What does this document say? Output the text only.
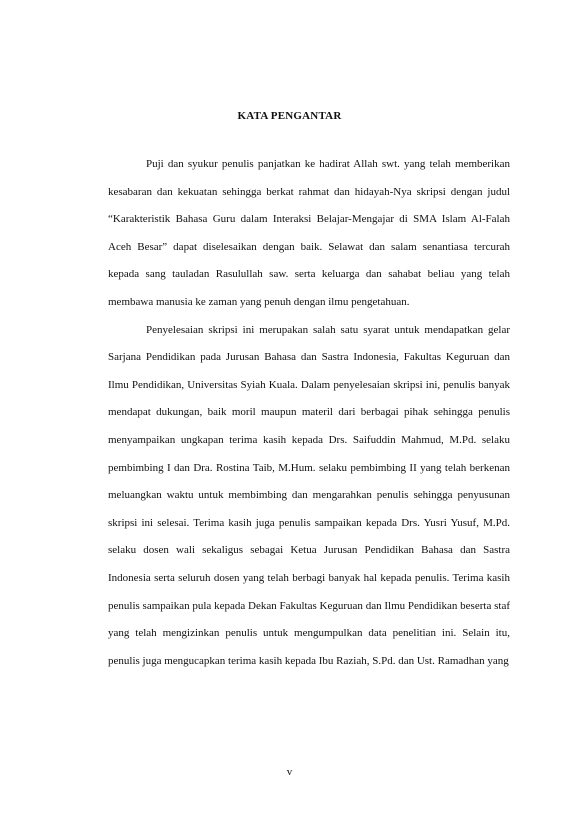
KATA PENGANTAR

Puji dan syukur penulis panjatkan ke hadirat Allah swt. yang telah memberikan kesabaran dan kekuatan sehingga berkat rahmat dan hidayah-Nya skripsi dengan judul “Karakteristik Bahasa Guru dalam Interaksi Belajar-Mengajar di SMA Islam Al-Falah Aceh Besar” dapat diselesaikan dengan baik. Selawat dan salam senantiasa tercurah kepada sang tauladan Rasulullah saw. serta keluarga dan sahabat beliau yang telah membawa manusia ke zaman yang penuh dengan ilmu pengetahuan.

Penyelesaian skripsi ini merupakan salah satu syarat untuk mendapatkan gelar Sarjana Pendidikan pada Jurusan Bahasa dan Sastra Indonesia, Fakultas Keguruan dan Ilmu Pendidikan, Universitas Syiah Kuala. Dalam penyelesaian skripsi ini, penulis banyak mendapat dukungan, baik moril maupun materil dari berbagai pihak sehingga penulis menyampaikan ungkapan terima kasih kepada Drs. Saifuddin Mahmud, M.Pd. selaku pembimbing I dan Dra. Rostina Taib, M.Hum. selaku pembimbing II yang telah berkenan meluangkan waktu untuk membimbing dan mengarahkan penulis sehingga penyusunan skripsi ini selesai. Terima kasih juga penulis sampaikan kepada Drs. Yusri Yusuf, M.Pd. selaku dosen wali sekaligus sebagai Ketua Jurusan Pendidikan Bahasa dan Sastra Indonesia serta seluruh dosen yang telah berbagi banyak hal kepada penulis. Terima kasih penulis sampaikan pula kepada Dekan Fakultas Keguruan dan Ilmu Pendidikan beserta staf yang telah mengizinkan penulis untuk mengumpulkan data penelitian ini. Selain itu, penulis juga mengucapkan terima kasih kepada Ibu Raziah, S.Pd. dan Ust. Ramadhan yang

v
